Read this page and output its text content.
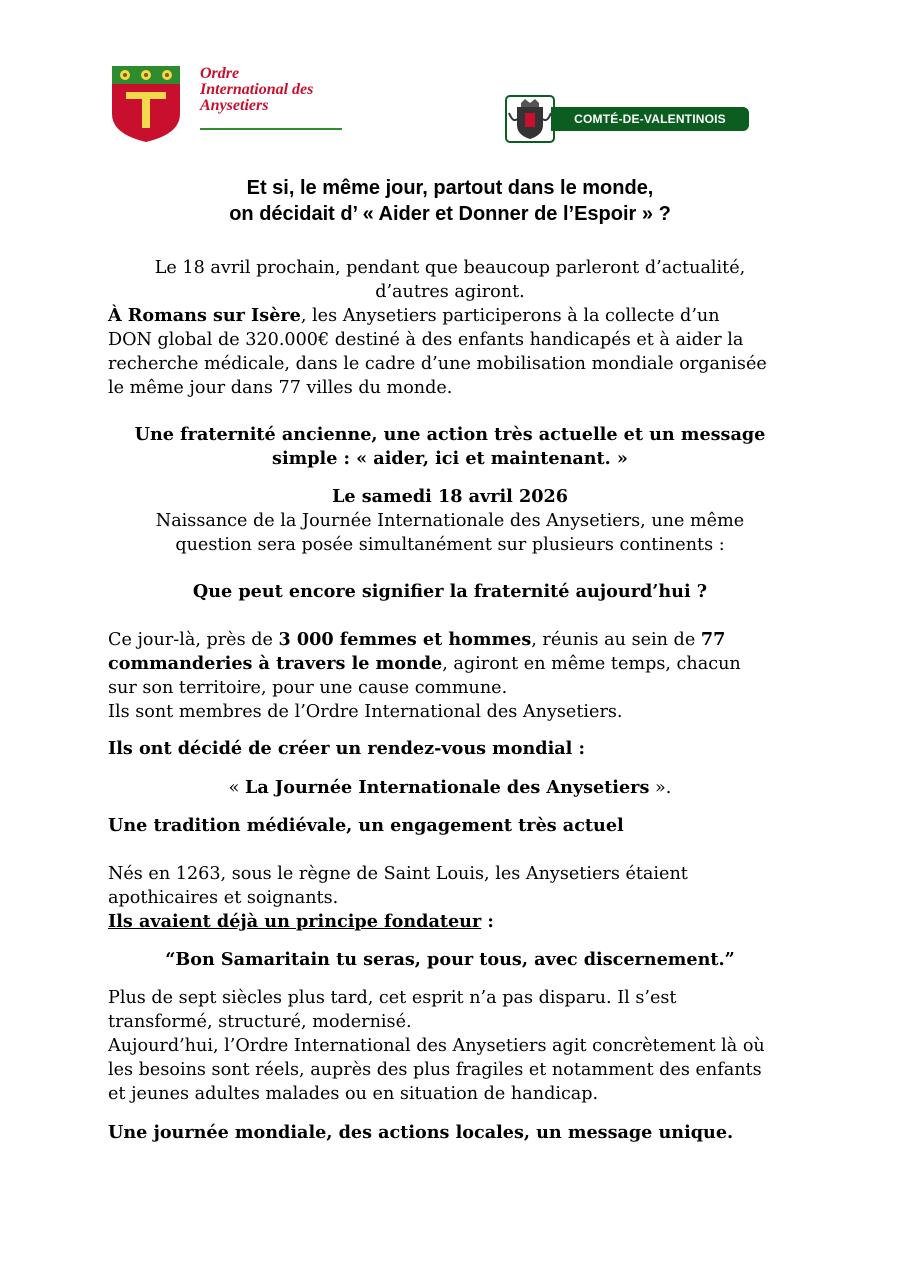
Ordre
International des
Anysetiers
COMTÉ-DE-VALENTINOIS
Et si, le même jour, partout dans le monde,
on décidait d’ « Aider et Donner de l’Espoir » ?
Le 18 avril prochain, pendant que beaucoup parleront d’actualité,
d’autres agiront.
À Romans sur Isère, les Anysetiers participerons à la collecte d’un
DON global de 320.000€ destiné à des enfants handicapés et à aider la
recherche médicale, dans le cadre d’une mobilisation mondiale organisée
le même jour dans 77 villes du monde.
Une fraternité ancienne, une action très actuelle et un message
simple : « aider, ici et maintenant. »
Le samedi 18 avril 2026
Naissance de la Journée Internationale des Anysetiers, une même
question sera posée simultanément sur plusieurs continents :
Que peut encore signifier la fraternité aujourd’hui ?
Ce jour-là, près de 3 000 femmes et hommes, réunis au sein de 77
commanderies à travers le monde, agiront en même temps, chacun
sur son territoire, pour une cause commune.
Ils sont membres de l’Ordre International des Anysetiers.
Ils ont décidé de créer un rendez-vous mondial :
« La Journée Internationale des Anysetiers ».
Une tradition médiévale, un engagement très actuel
Nés en 1263, sous le règne de Saint Louis, les Anysetiers étaient
apothicaires et soignants.
Ils avaient déjà un principe fondateur :
“Bon Samaritain tu seras, pour tous, avec discernement.”
Plus de sept siècles plus tard, cet esprit n’a pas disparu. Il s’est
transformé, structuré, modernisé.
Aujourd’hui, l’Ordre International des Anysetiers agit concrètement là où
les besoins sont réels, auprès des plus fragiles et notamment des enfants
et jeunes adultes malades ou en situation de handicap.
Une journée mondiale, des actions locales, un message unique.
